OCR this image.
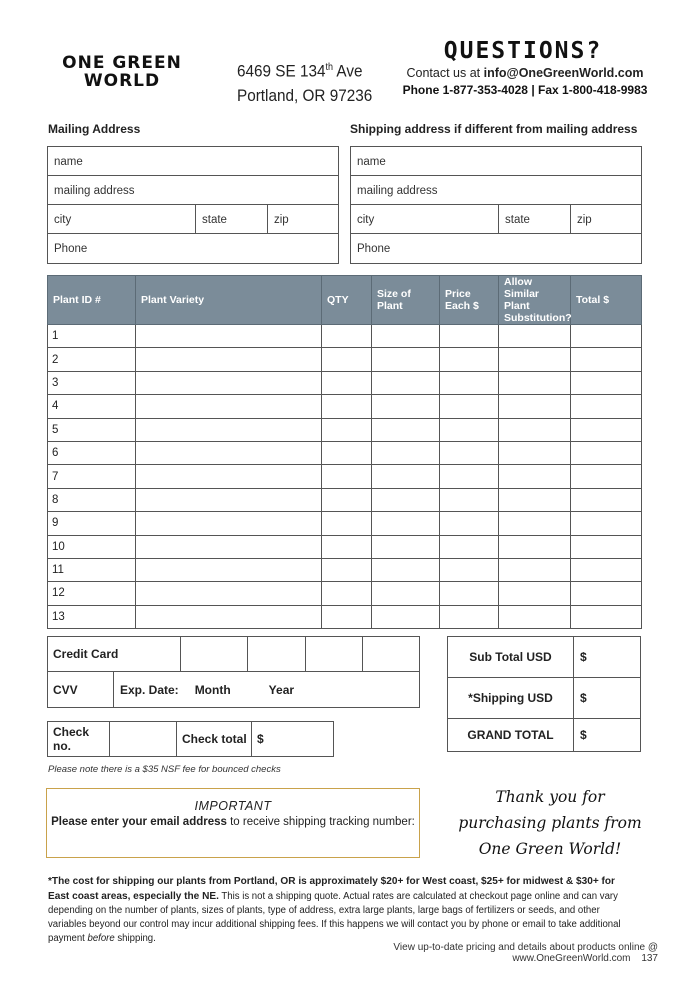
ONE GREEN
WORLD	6469 SE 134th Ave
Portland, OR 97236
QUESTIONS?
Contact us at info@OneGreenWorld.com
Phone 1-877-353-4028 | Fax 1-800-418-9983
Mailing Address	Shipping address if different from mailing address
name
mailing address
city	state	zip
Phone
name
mailing address
city	state	zip
Phone
Plant ID #	Plant Variety	QTY	Size of Plant	Price Each $	Allow Similar Plant Substitution?	Total $
1						
2						
3						
4						
5						
6						
7						
8						
9						
10						
11						
12						
13						
Credit Card
CVV	Exp. Date: Month	Year
Check no.	Check total $
Sub Total USD	$
*Shipping USD	$
GRAND TOTAL	$
Please note there is a $35 NSF fee for bounced checks
IMPORTANT
Please enter your email address to receive shipping tracking number:
Thank you for
purchasing plants from
One Green World!
*The cost for shipping our plants from Portland, OR is approximately $20+ for West coast, $25+ for midwest & $30+ for East coast areas, especially the NE. This is not a shipping quote. Actual rates are calculated at checkout page online and can vary depending on the number of plants, sizes of plants, type of address, extra large plants, large bags of fertilizers or seeds, and other variables beyond our control may incur additional shipping fees. If this happens we will contact you by phone or email to take additional payment before shipping.
View up-to-date pricing and details about products online @ www.OneGreenWorld.com 137
